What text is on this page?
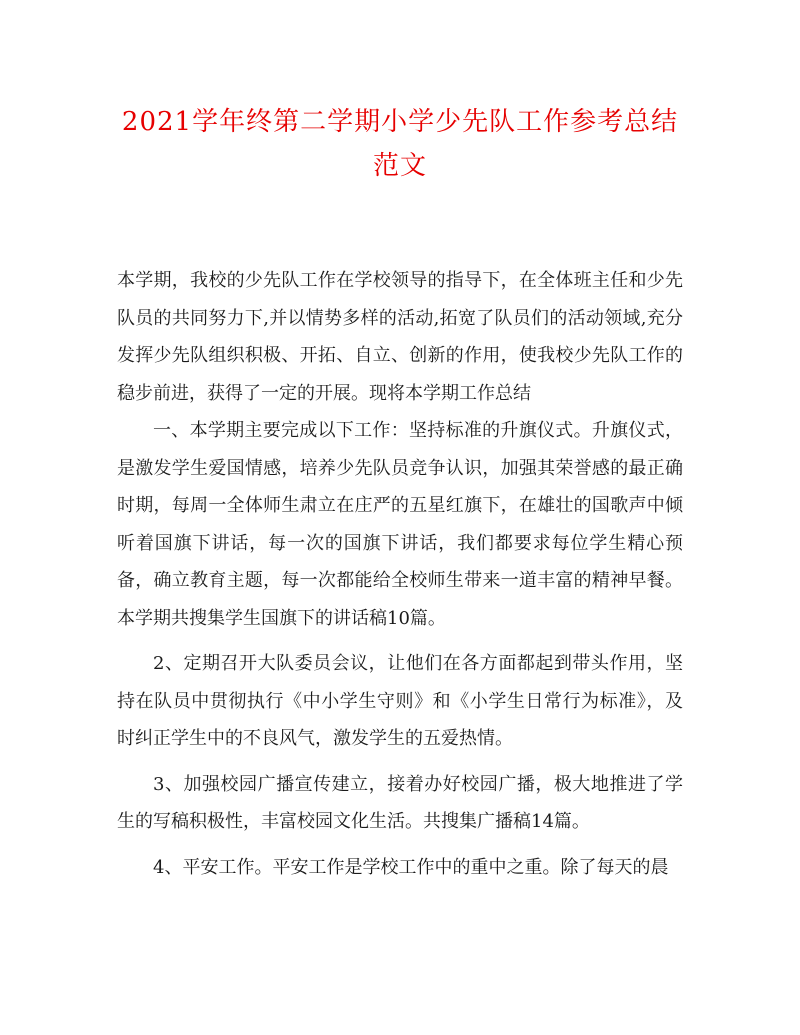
2021学年终第二学期小学少先队工作参考总结范文

本学期，我校的少先队工作在学校领导的指导下，在全体班主任和少先队员的共同努力下,并以情势多样的活动,拓宽了队员们的活动领域,充分发挥少先队组织积极、开拓、自立、创新的作用，使我校少先队工作的稳步前进，获得了一定的开展。现将本学期工作总结

一、本学期主要完成以下工作：坚持标准的升旗仪式。升旗仪式，是激发学生爱国情感，培养少先队员竞争认识，加强其荣誉感的最正确时期，每周一全体师生肃立在庄严的五星红旗下，在雄壮的国歌声中倾听着国旗下讲话，每一次的国旗下讲话，我们都要求每位学生精心预备，确立教育主题，每一次都能给全校师生带来一道丰富的精神早餐。本学期共搜集学生国旗下的讲话稿10篇。

2、定期召开大队委员会议，让他们在各方面都起到带头作用，坚持在队员中贯彻执行《中小学生守则》和《小学生日常行为标准》，及时纠正学生中的不良风气，激发学生的五爱热情。

3、加强校园广播宣传建立，接着办好校园广播，极大地推进了学生的写稿积极性，丰富校园文化生活。共搜集广播稿14篇。

4、平安工作。平安工作是学校工作中的重中之重。除了每天的晨
